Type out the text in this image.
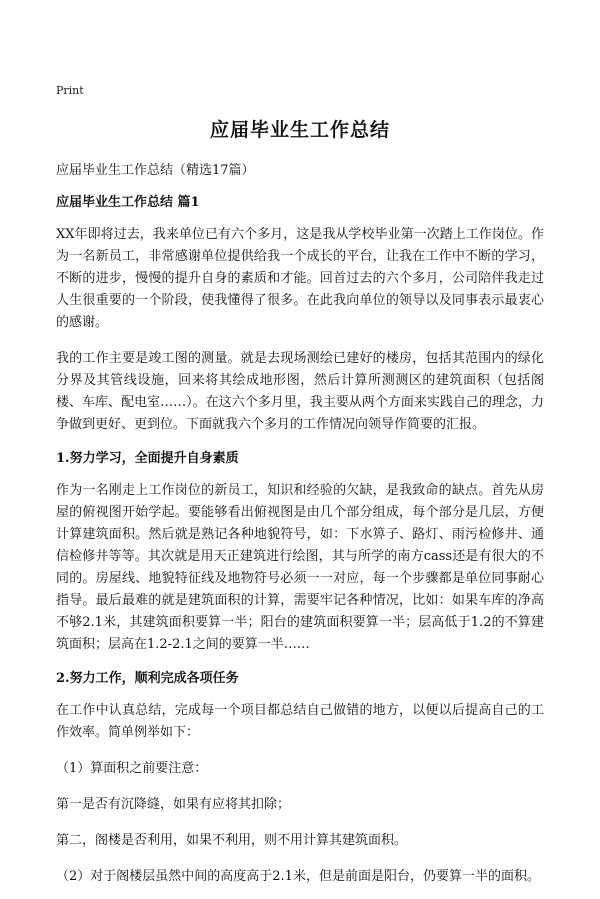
Print
应届毕业生工作总结
应届毕业生工作总结（精选17篇）
应届毕业生工作总结 篇1

XX年即将过去，我来单位已有六个多月，这是我从学校毕业第一次踏上工作岗位。作为一名新员工，非常感谢单位提供给我一个成长的平台，让我在工作中不断的学习，不断的进步，慢慢的提升自身的素质和才能。回首过去的六个多月，公司陪伴我走过人生很重要的一个阶段，使我懂得了很多。在此我向单位的领导以及同事表示最衷心的感谢。

我的工作主要是竣工图的测量。就是去现场测绘已建好的楼房，包括其范围内的绿化分界及其管线设施，回来将其绘成地形图，然后计算所测测区的建筑面积（包括阁楼、车库、配电室……）。在这六个多月里，我主要从两个方面来实践自己的理念，力争做到更好、更到位。下面就我六个多月的工作情况向领导作简要的汇报。

1.努力学习，全面提升自身素质

作为一名刚走上工作岗位的新员工，知识和经验的欠缺，是我致命的缺点。首先从房屋的俯视图开始学起。要能够看出俯视图是由几个部分组成，每个部分是几层，方便计算建筑面积。然后就是熟记各种地貌符号，如：下水箅子、路灯、雨污检修井、通信检修井等等。其次就是用天正建筑进行绘图，其与所学的南方cass还是有很大的不同的。房屋线、地貌特征线及地物符号必须一一对应，每一个步骤都是单位同事耐心指导。最后最难的就是建筑面积的计算，需要牢记各种情况，比如：如果车库的净高不够2.1米，其建筑面积要算一半；阳台的建筑面积要算一半；层高低于1.2的不算建筑面积；层高在1.2-2.1之间的要算一半……

2.努力工作，顺利完成各项任务

在工作中认真总结，完成每一个项目都总结自己做错的地方，以便以后提高自己的工作效率。简单例举如下：

（1）算面积之前要注意：

第一是否有沉降缝，如果有应将其扣除；

第二，阁楼是否利用，如果不利用，则不用计算其建筑面积。

（2）对于阁楼层虽然中间的高度高于2.1米，但是前面是阳台，仍要算一半的面积。
